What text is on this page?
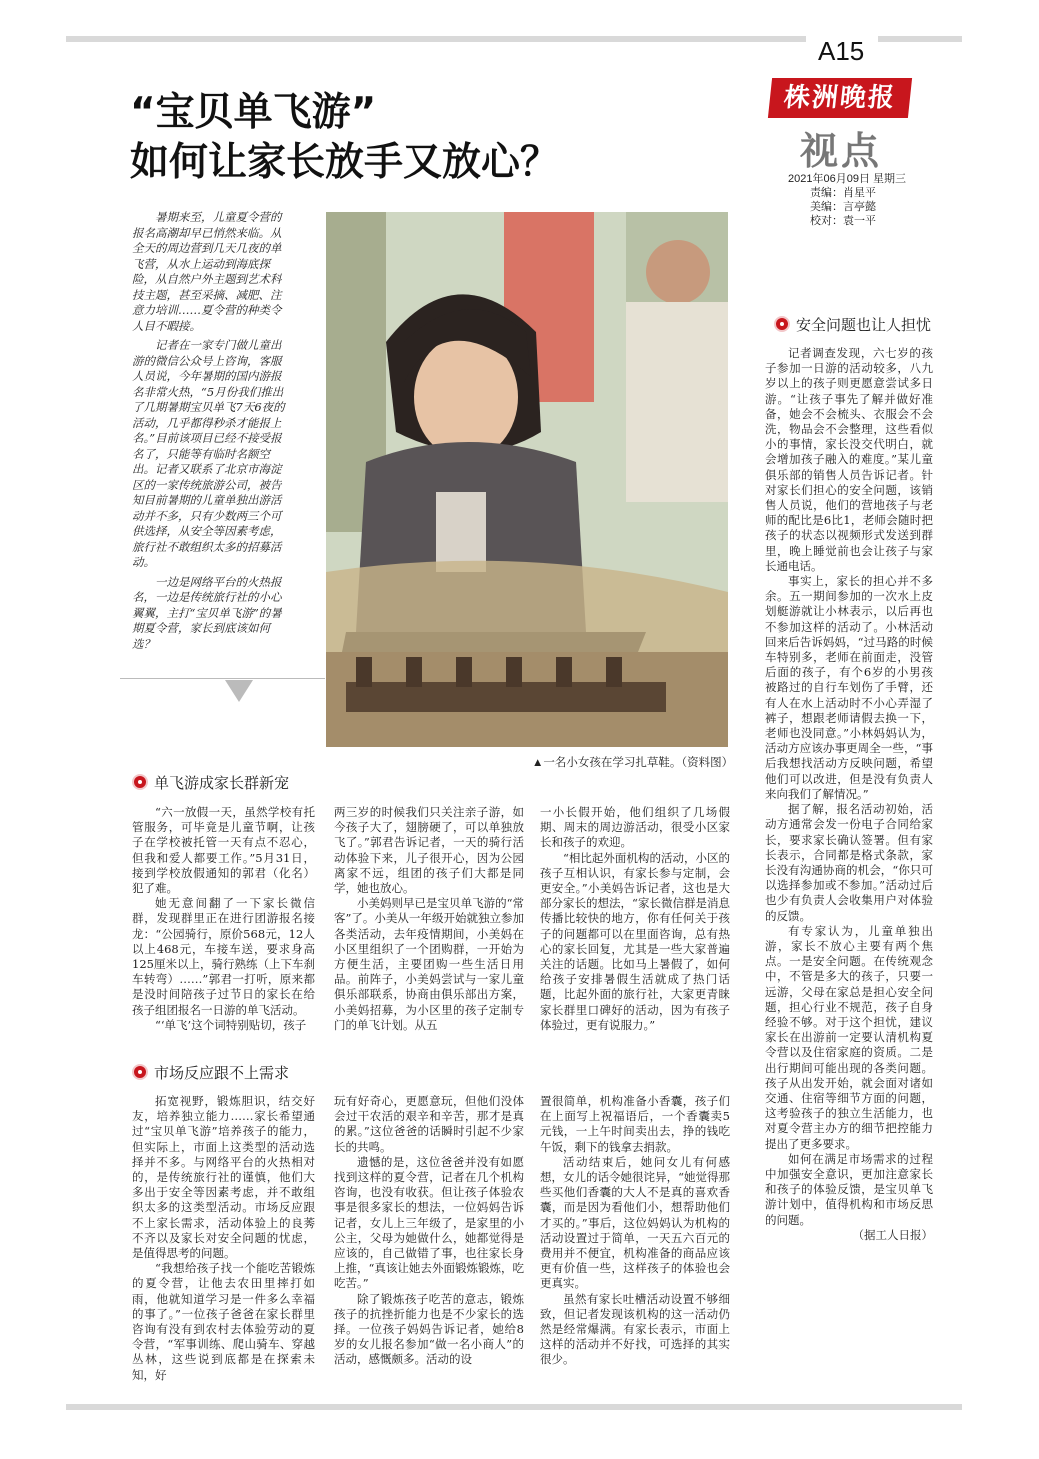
A15
株洲晚报
视点
2021年06月09日 星期三
责编：肖星平
美编：言亭懿
校对：袁一平
“宝贝单飞游”
如何让家长放手又放心？

暑期来至，儿童夏令营的报名高潮却早已悄然来临。从全天的周边营到几天几夜的单飞营，从水上运动到海底探险，从自然户外主题到艺术科技主题，甚至采摘、减肥、注意力培训……夏令营的种类令人目不暇接。

记者在一家专门做儿童出游的微信公众号上咨询，客服人员说，今年暑期的国内游报名非常火热，“5月份我们推出了几期暑期宝贝单飞7天6夜的活动，几乎都得秒杀才能报上名。”目前该项目已经不接受报名了，只能等有临时名额空出。记者又联系了北京市海淀区的一家传统旅游公司，被告知目前暑期的儿童单独出游活动并不多，只有少数两三个可供选择，从安全等因素考虑，旅行社不敢组织太多的招募活动。

一边是网络平台的火热报名，一边是传统旅行社的小心翼翼，主打“宝贝单飞游”的暑期夏令营，家长到底该如何选？

▲一名小女孩在学习扎草鞋。（资料图）
单飞游成家长群新宠

“六一放假一天，虽然学校有托管服务，可毕竟是儿童节啊，让孩子在学校被托管一天有点不忍心，但我和爱人都要工作。”5月31日，接到学校放假通知的郭君（化名）犯了难。

她无意间翻了一下家长微信群，发现群里正在进行团游报名接龙：“公园骑行，原价568元，12人以上468元，车接车送，要求身高125厘米以上，骑行熟练（上下车刹车转弯）……”郭君一打听，原来都是没时间陪孩子过节日的家长在给孩子组团报名一日游的单飞活动。

“‘单飞’这个词特别贴切，孩子

两三岁的时候我们只关注亲子游，如今孩子大了，翅膀硬了，可以单独放飞了。”郭君告诉记者，一天的骑行活动体验下来，儿子很开心，因为公园离家不远，组团的孩子们大都是同学，她也放心。

小美妈则早已是宝贝单飞游的“常客”了。小美从一年级开始就独立参加各类活动，去年疫情期间，小美妈在小区里组织了一个团购群，一开始为方便生活，主要团购一些生活日用品。前阵子，小美妈尝试与一家儿童俱乐部联系，协商由俱乐部出方案，小美妈招募，为小区里的孩子定制专门的单飞计划。从五

一小长假开始，他们组织了几场假期、周末的周边游活动，很受小区家长和孩子的欢迎。

“相比起外面机构的活动，小区的孩子互相认识，有家长参与定制，会更安全。”小美妈告诉记者，这也是大部分家长的想法，“家长微信群是消息传播比较快的地方，你有任何关于孩子的问题都可以在里面咨询，总有热心的家长回复，尤其是一些大家普遍关注的话题。比如马上暑假了，如何给孩子安排暑假生活就成了热门话题，比起外面的旅行社，大家更青睐家长群里口碑好的活动，因为有孩子体验过，更有说服力。”

市场反应跟不上需求

拓宽视野，锻炼胆识，结交好友，培养独立能力……家长希望通过“宝贝单飞游”培养孩子的能力，但实际上，市面上这类型的活动选择并不多。与网络平台的火热相对的，是传统旅行社的谨慎，他们大多出于安全等因素考虑，并不敢组织太多的这类型活动。市场反应跟不上家长需求，活动体验上的良莠不齐以及家长对安全问题的忧虑，是值得思考的问题。

“我想给孩子找一个能吃苦锻炼的夏令营，让他去农田里摔打如雨，他就知道学习是一件多么幸福的事了。”一位孩子爸爸在家长群里咨询有没有到农村去体验劳动的夏令营，“军事训练、爬山骑车、穿越丛林，这些说到底都是在探索未知，好

玩有好奇心，更愿意玩，但他们没体会过干农活的艰辛和辛苦，那才是真的累。”这位爸爸的话瞬时引起不少家长的共鸣。

遗憾的是，这位爸爸并没有如愿找到这样的夏令营，记者在几个机构咨询，也没有收获。但让孩子体验农事是很多家长的想法，一位妈妈告诉记者，女儿上三年级了，是家里的小公主，父母为她做什么，她都觉得是应该的，自己做错了事，也往家长身上推，“真该让她去外面锻炼锻炼，吃吃苦。”

除了锻炼孩子吃苦的意志，锻炼孩子的抗挫折能力也是不少家长的选择。一位孩子妈妈告诉记者，她给8岁的女儿报名参加“做一名小商人”的活动，感慨颇多。活动的设

置很简单，机构准备小香囊，孩子们在上面写上祝福语后，一个香囊卖5元钱，一上午时间卖出去，挣的钱吃午饭，剩下的钱拿去捐款。

活动结束后，她问女儿有何感想，女儿的话令她很诧异，“她觉得那些买他们香囊的大人不是真的喜欢香囊，而是因为看他们小，想帮助他们才买的。”事后，这位妈妈认为机构的活动设置过于简单，一天五六百元的费用并不便宜，机构准备的商品应该更有价值一些，这样孩子的体验也会更真实。

虽然有家长吐槽活动设置不够细致，但记者发现该机构的这一活动仍然是经常爆满。有家长表示，市面上这样的活动并不好找，可选择的其实很少。

安全问题也让人担忧

记者调查发现，六七岁的孩子参加一日游的活动较多，八九岁以上的孩子则更愿意尝试多日游。“让孩子事先了解并做好准备，她会不会梳头、衣服会不会洗，物品会不会整理，这些看似小的事情，家长没交代明白，就会增加孩子融入的难度。”某儿童俱乐部的销售人员告诉记者。针对家长们担心的安全问题，该销售人员说，他们的营地孩子与老师的配比是6比1，老师会随时把孩子的状态以视频形式发送到群里，晚上睡觉前也会让孩子与家长通电话。

事实上，家长的担心并不多余。五一期间参加的一次水上皮划艇游就让小林表示，以后再也不参加这样的活动了。小林活动回来后告诉妈妈，“过马路的时候车特别多，老师在前面走，没管后面的孩子，有个6岁的小男孩被路过的自行车划伤了手臂，还有人在水上活动时不小心弄湿了裤子，想跟老师请假去换一下，老师也没同意。”小林妈妈认为，活动方应该办事更周全一些，“事后我想找活动方反映问题，希望他们可以改进，但是没有负责人来向我们了解情况。”

据了解，报名活动初始，活动方通常会发一份电子合同给家长，要求家长确认签署。但有家长表示，合同都是格式条款，家长没有沟通协商的机会，“你只可以选择参加或不参加。”活动过后也少有负责人会收集用户对体验的反馈。

有专家认为，儿童单独出游，家长不放心主要有两个焦点。一是安全问题。在传统观念中，不管是多大的孩子，只要一远游，父母在家总是担心安全问题，担心行业不规范，孩子自身经验不够。对于这个担忧，建议家长在出游前一定要认清机构夏令营以及住宿家庭的资质。二是出行期间可能出现的各类问题。孩子从出发开始，就会面对诸如交通、住宿等细节方面的问题，这考验孩子的独立生活能力，也对夏令营主办方的细节把控能力提出了更多要求。

如何在满足市场需求的过程中加强安全意识，更加注意家长和孩子的体验反馈，是宝贝单飞游计划中，值得机构和市场反思的问题。

（据工人日报）
